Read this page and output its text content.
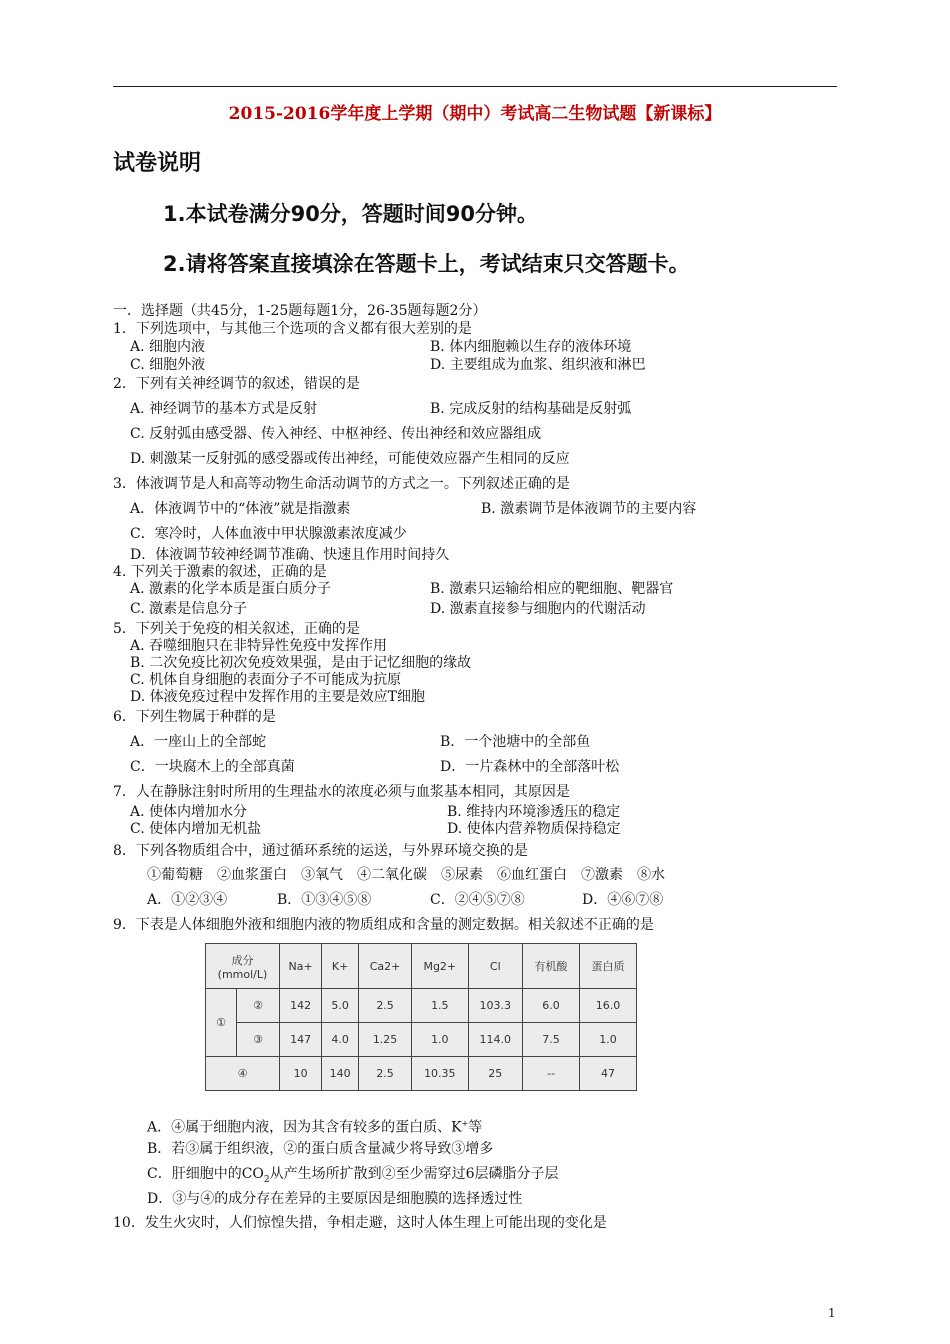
2015-2016学年度上学期（期中）考试高二生物试题【新课标】
试卷说明
1.本试卷满分90分，答题时间90分钟。
2.请将答案直接填涂在答题卡上，考试结束只交答题卡。
一．选择题（共45分，1-25题每题1分，26-35题每题2分）
1．下列选项中，与其他三个选项的含义都有很大差别的是
A. 细胞内液	B. 体内细胞赖以生存的液体环境
C. 细胞外液	D. 主要组成为血浆、组织液和淋巴
2．下列有关神经调节的叙述，错误的是
A. 神经调节的基本方式是反射	B. 完成反射的结构基础是反射弧
C. 反射弧由感受器、传入神经、中枢神经、传出神经和效应器组成
D. 刺激某一反射弧的感受器或传出神经，可能使效应器产生相同的反应
3．体液调节是人和高等动物生命活动调节的方式之一。下列叙述正确的是
A．体液调节中的“体液”就是指激素	B. 激素调节是体液调节的主要内容
C．寒冷时，人体血液中甲状腺激素浓度减少
D．体液调节较神经调节准确、快速且作用时间持久
4. 下列关于激素的叙述，正确的是
A. 激素的化学本质是蛋白质分子	B. 激素只运输给相应的靶细胞、靶器官
C. 激素是信息分子	D. 激素直接参与细胞内的代谢活动
5．下列关于免疫的相关叙述，正确的是
A. 吞噬细胞只在非特异性免疫中发挥作用
B. 二次免疫比初次免疫效果强，是由于记忆细胞的缘故
C. 机体自身细胞的表面分子不可能成为抗原
D. 体液免疫过程中发挥作用的主要是效应T细胞
6．下列生物属于种群的是
A．一座山上的全部蛇	B．一个池塘中的全部鱼
C．一块腐木上的全部真菌	D．一片森林中的全部落叶松
7．人在静脉注射时所用的生理盐水的浓度必须与血浆基本相同，其原因是
A. 使体内增加水分	B. 维持内环境渗透压的稳定
C. 使体内增加无机盐	D. 使体内营养物质保持稳定
8．下列各物质组合中，通过循环系统的运送，与外界环境交换的是
①葡萄糖　②血浆蛋白　③氧气　④二氧化碳　⑤尿素　⑥血红蛋白　⑦激素　⑧水
A．①②③④	B．①③④⑤⑧	C．②④⑤⑦⑧	D．④⑥⑦⑧
9．下表是人体细胞外液和细胞内液的物质组成和含量的测定数据。相关叙述不正确的是
成分
(mmol/L)		Na+	K+	Ca2+	Mg2+	Cl	有机酸	蛋白质
①	②	142	5.0	2.5	1.5	103.3	6.0	16.0
	③	147	4.0	1.25	1.0	114.0	7.5	1.0
④		10	140	2.5	10.35	25	--	47
A．④属于细胞内液，因为其含有较多的蛋白质、K+等
B．若③属于组织液，②的蛋白质含量减少将导致③增多
C．肝细胞中的$CO_2$从产生场所扩散到②至少需穿过6层磷脂分子层
D．③与④的成分存在差异的主要原因是细胞膜的选择透过性
10．发生火灾时，人们惊惶失措，争相走避，这时人体生理上可能出现的变化是
1
